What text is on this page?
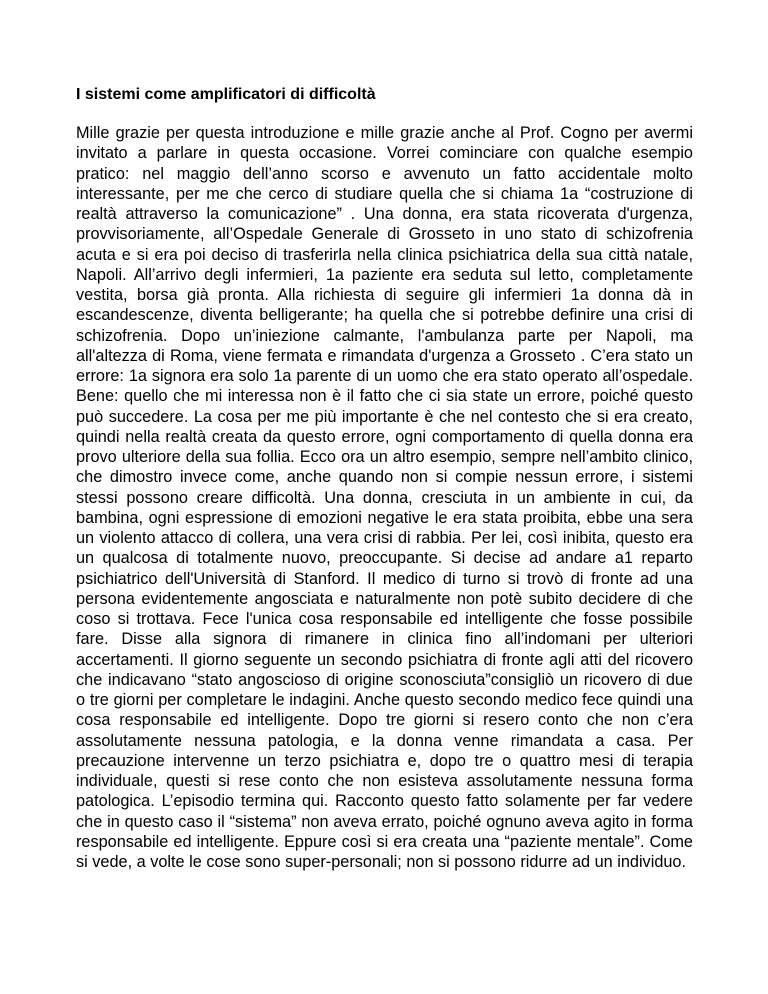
I sistemi come amplificatori di difficoltà

Mille grazie per questa introduzione e mille grazie anche al Prof. Cogno per avermi invitato a parlare in questa occasione. Vorrei cominciare con qualche esempio pratico: nel maggio dell’anno scorso e avvenuto un fatto accidentale molto interessante, per me che cerco di studiare quella che si chiama 1a “costruzione di realtà attraverso la comunicazione” . Una donna, era stata ricoverata d'urgenza, provvisoriamente, all’Ospedale Generale di Grosseto in uno stato di schizofrenia acuta e si era poi deciso di trasferirla nella clinica psichiatrica della sua città natale, Napoli. All’arrivo degli infermieri, 1a paziente era seduta sul letto, completamente vestita, borsa già pronta. Alla richiesta di seguire gli infermieri 1a donna dà in escandescenze, diventa belligerante; ha quella che si potrebbe definire una crisi di schizofrenia. Dopo un’iniezione calmante, l'ambulanza parte per Napoli, ma all'altezza di Roma, viene fermata e rimandata d'urgenza a Grosseto . C’era stato un errore: 1a signora era solo 1a parente di un uomo che era stato operato all’ospedale. Bene: quello che mi interessa non è il fatto che ci sia state un errore, poiché questo può succedere. La cosa per me più importante è che nel contesto che si era creato, quindi nella realtà creata da questo errore, ogni comportamento di quella donna era provo ulteriore della sua follia. Ecco ora un altro esempio, sempre nell’ambito clinico, che dimostro invece come, anche quando non si compie nessun errore, i sistemi stessi possono creare difficoltà. Una donna, cresciuta in un ambiente in cui, da bambina, ogni espressione di emozioni negative le era stata proibita, ebbe una sera un violento attacco di collera, una vera crisi di rabbia. Per lei, così inibita, questo era un qualcosa di totalmente nuovo, preoccupante. Si decise ad andare a1 reparto psichiatrico dell'Università di Stanford. Il medico di turno si trovò di fronte ad una persona evidentemente angosciata e naturalmente non potè subito decidere di che coso si trottava. Fece l'unica cosa responsabile ed intelligente che fosse possibile fare. Disse alla signora di rimanere in clinica fino all’indomani per ulteriori accertamenti. Il giorno seguente un secondo psichiatra di fronte agli atti del ricovero che indicavano “stato angoscioso di origine sconosciuta”consigliò un ricovero di due o tre giorni per completare le indagini. Anche questo secondo medico fece quindi una cosa responsabile ed intelligente. Dopo tre giorni si resero conto che non c’era assolutamente nessuna patologia, e la donna venne rimandata a casa. Per precauzione intervenne un terzo psichiatra e, dopo tre o quattro mesi di terapia individuale, questi si rese conto che non esisteva assolutamente nessuna forma patologica. L’episodio termina qui. Racconto questo fatto solamente per far vedere che in questo caso il “sistema” non aveva errato, poiché ognuno aveva agito in forma responsabile ed intelligente. Eppure così si era creata una “paziente mentale”. Come si vede, a volte le cose sono super-personali; non si possono ridurre ad un individuo.
